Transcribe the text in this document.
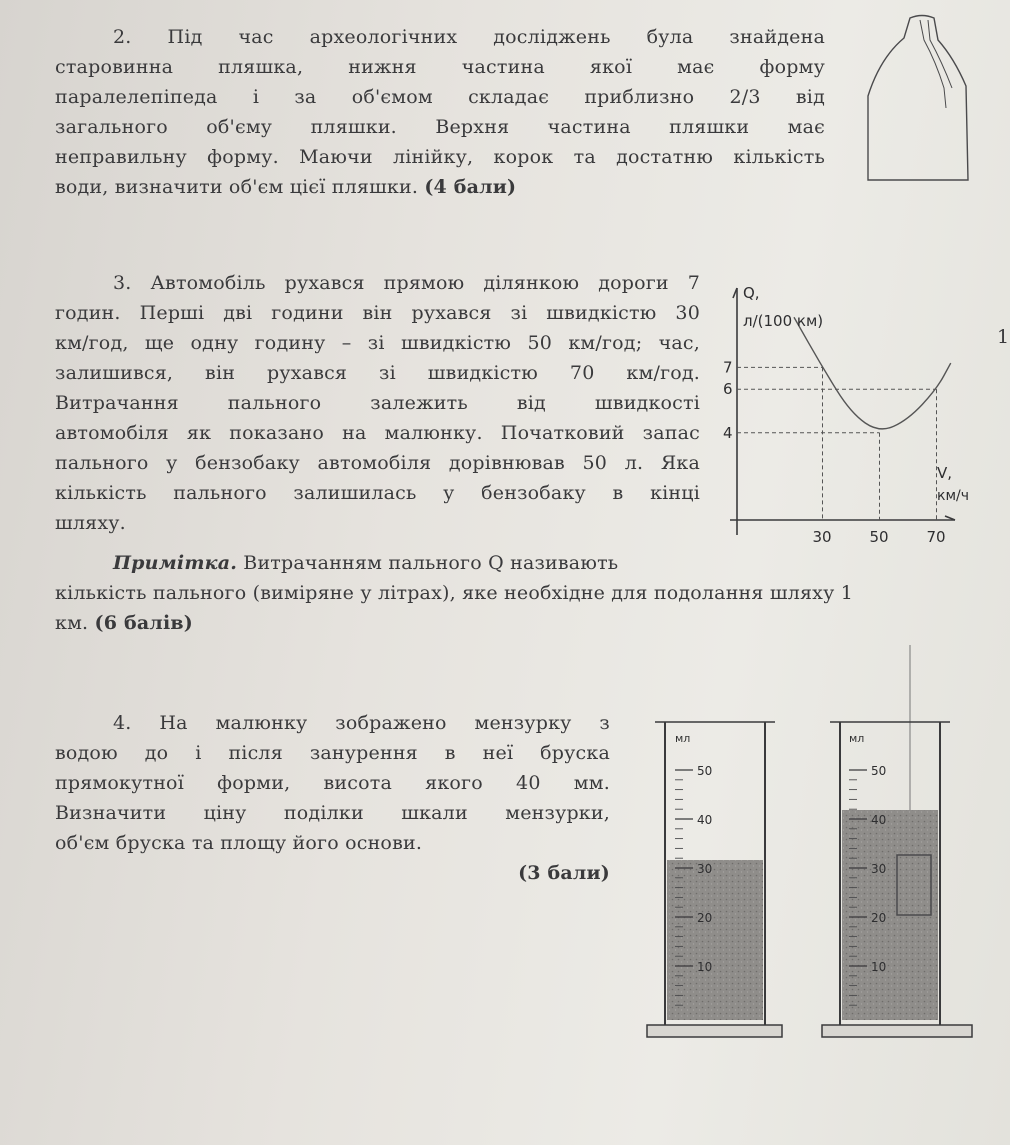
2. Під час археологічних досліджень була знайдена
старовинна пляшка, нижня частина якої має форму
паралелепіпеда і за об'ємом складає приблизно 2/3 від
загального об'єму пляшки. Верхня частина пляшки має
неправильну форму. Маючи лінійку, корок та достатню кількість
води, визначити об'єм цієї пляшки. (4 бали)
3. Автомобіль рухався прямою ділянкою дороги 7
годин. Перші дві години він рухався зі швидкістю 30
км/год, ще одну годину – зі швидкістю 50 км/год; час,
залишився, він рухався зі швидкістю 70 км/год.
Витрачання пального залежить від швидкості
автомобіля як показано на малюнку. Початковий запас
пального у бензобаку автомобіля дорівнював 50 л. Яка
кількість пального залишилась у бензобаку в кінці
шляху.
Примітка. Витрачанням пального Q називають
кількість пального (виміряне у літрах), яке необхідне для подолання шляху 1
км. (6 балів)
1
30	50	70
7
6
4
Q,
л/(100 км)
V,
км/ч
4. На малюнку зображено мензурку з
водою до і після занурення в неї бруска
прямокутної форми, висота якого 40 мм.
Визначити ціну поділки шкали мензурки,
об'єм бруска та площу його основи.
(3 бали)
мл
50
40
30
20
10
мл
50
40
30
20
10
